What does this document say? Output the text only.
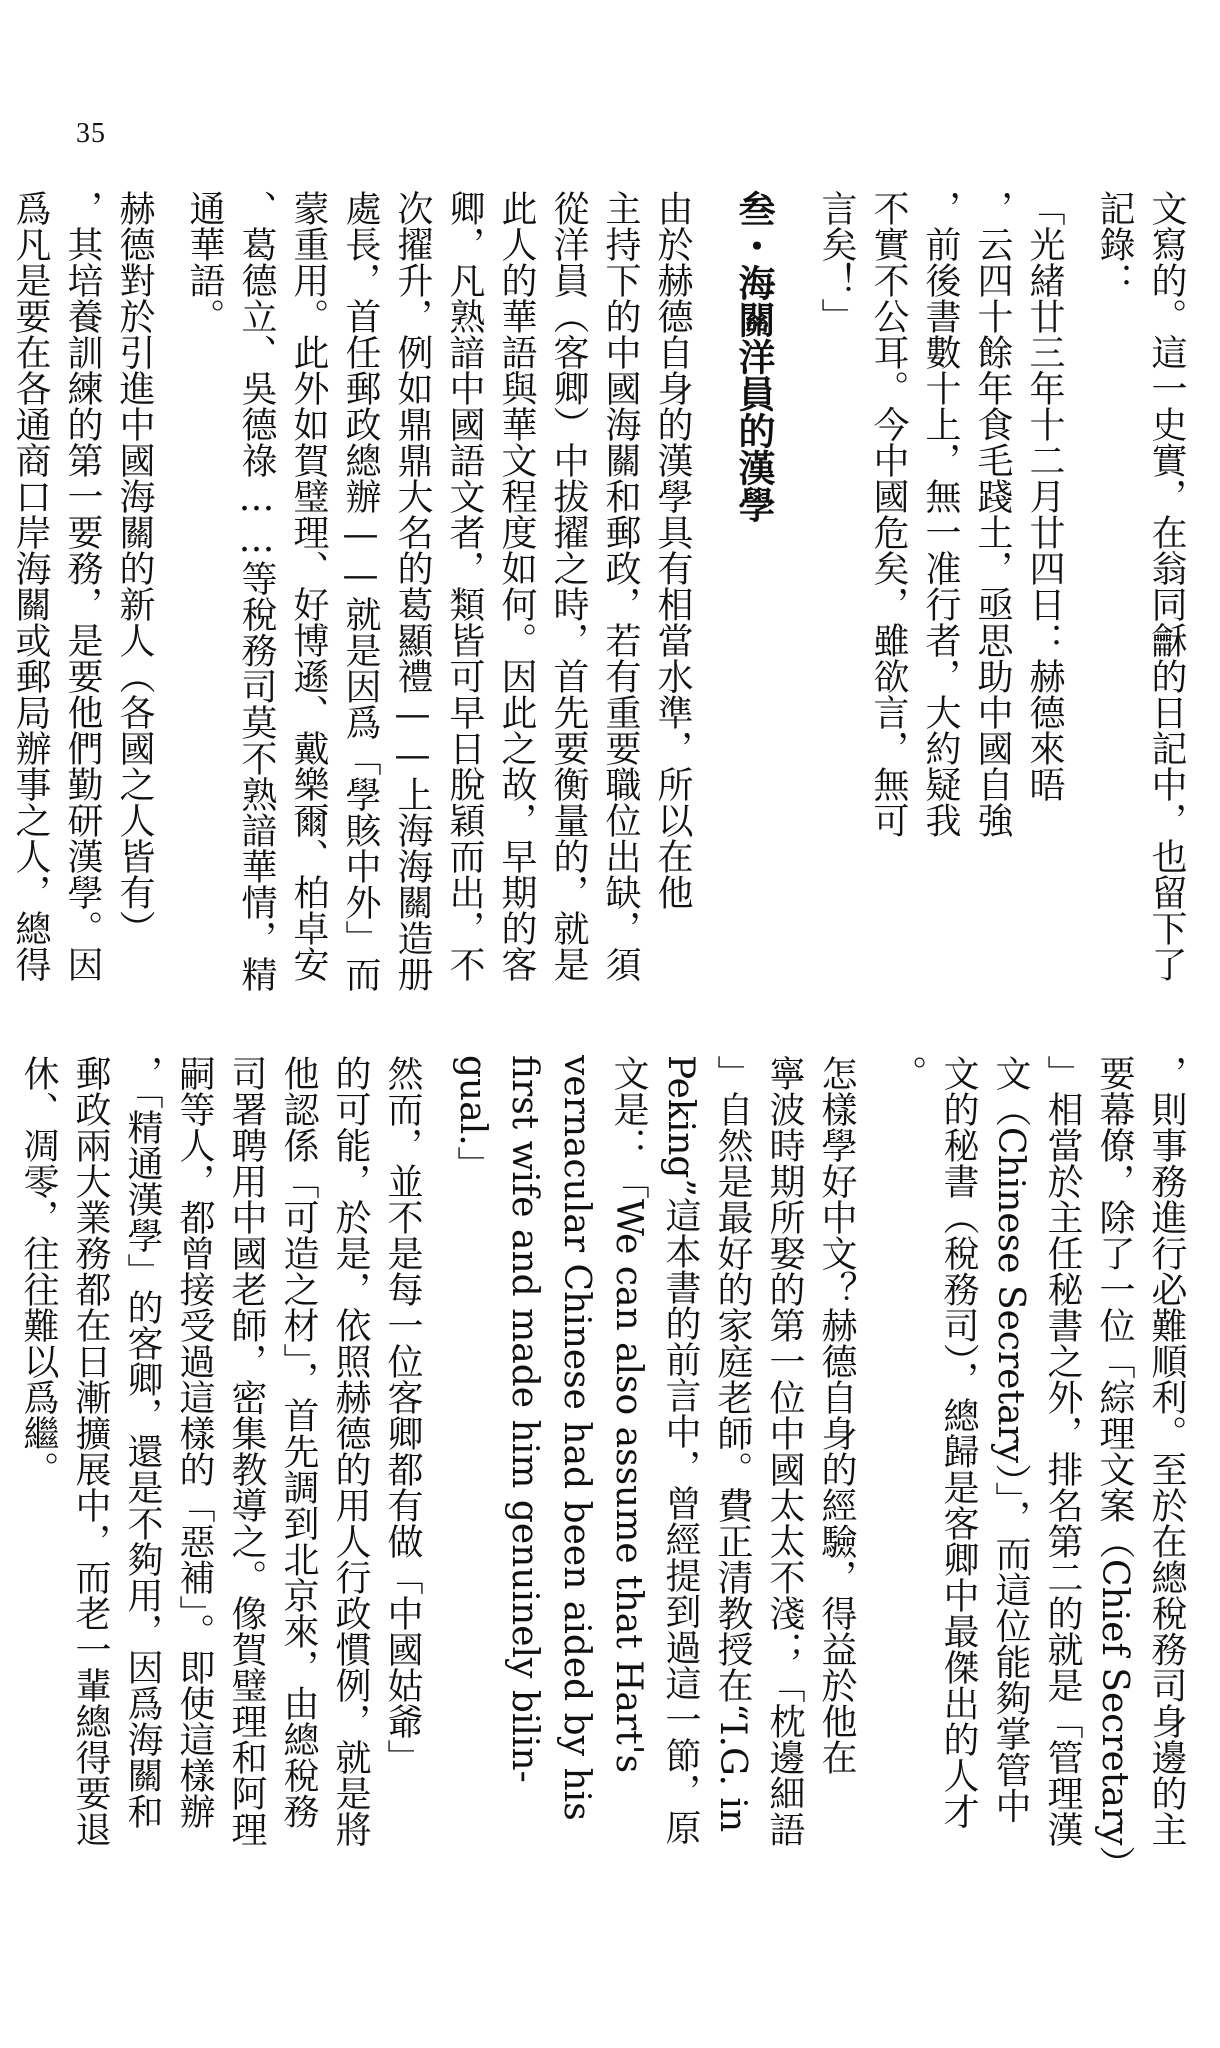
35
文寫的。這一史實，在翁同龢的日記中，也留下了
記錄：
「光緒廿三年十二月廿四日：赫德來晤
，云四十餘年食毛踐土，亟思助中國自強
，前後書數十上，無一准行者，大約疑我
不實不公耳。今中國危矣，雖欲言，無可
言矣！」
叁・海關洋員的漢學
由於赫德自身的漢學具有相當水準，所以在他
主持下的中國海關和郵政，若有重要職位出缺，須
從洋員（客卿）中拔擢之時，首先要衡量的，就是
此人的華語與華文程度如何。因此之故，早期的客
卿，凡熟諳中國語文者，類皆可早日脫穎而出，不
次擢升，例如鼎鼎大名的葛顯禮——上海海關造册
處長，首任郵政總辦——就是因爲「學賅中外」而
蒙重用。此外如賀璧理、好博遜、戴樂爾、柏卓安
、葛德立、吳德祿……等稅務司莫不熟諳華情，精
通華語。
赫德對於引進中國海關的新人（各國之人皆有）
，其培養訓練的第一要務，是要他們勤研漢學。因
爲凡是要在各通商口岸海關或郵局辦事之人，總得
，則事務進行必難順利。至於在總稅務司身邊的主
要幕僚，除了一位「綜理文案（Chief Secretary）
」相當於主任秘書之外，排名第二的就是「管理漢
文（Chinese Secretary）」，而這位能夠掌管中
文的秘書（稅務司），總歸是客卿中最傑出的人才
。
怎樣學好中文？赫德自身的經驗，得益於他在
寧波時期所娶的第一位中國太太不淺；「枕邊細語
」自然是最好的家庭老師。費正清教授在“I.G. in
Peking”這本書的前言中，曾經提到過這一節，原
文是：「We can also assume that Hart's
vernacular Chinese had been aided by his
first wife and made him genuinely bilin-
gual.」
然而，並不是每一位客卿都有做「中國姑爺」
的可能，於是，依照赫德的用人行政慣例，就是將
他認係「可造之材」，首先調到北京來，由總稅務
司署聘用中國老師，密集教導之。像賀璧理和阿理
嗣等人，都曾接受過這樣的「惡補」。即使這樣辦
，「精通漢學」的客卿，還是不夠用，因爲海關和
郵政兩大業務都在日漸擴展中，而老一輩總得要退
休、凋零，往往難以爲繼。
